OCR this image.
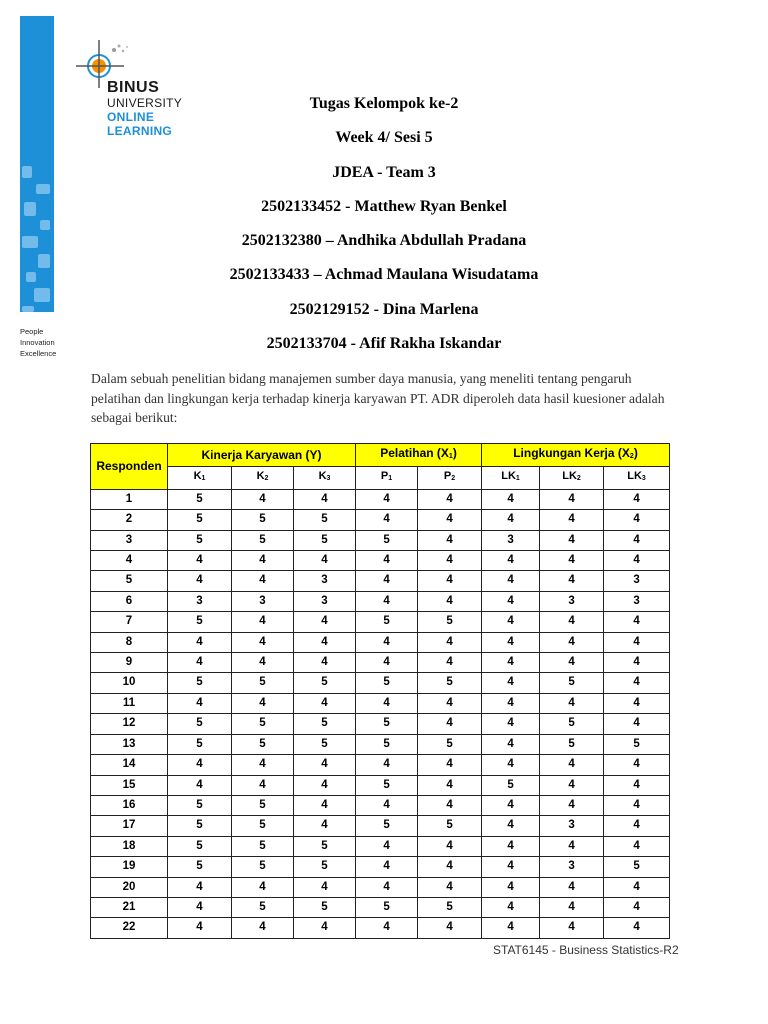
BINUS
UNIVERSITY
ONLINE
LEARNING
People
Innovation
Excellence
Tugas Kelompok ke-2
Week 4/ Sesi 5
JDEA - Team 3
2502133452 - Matthew Ryan Benkel
2502132380 – Andhika Abdullah Pradana
2502133433 – Achmad Maulana Wisudatama
2502129152 - Dina Marlena
2502133704 - Afif Rakha Iskandar
Dalam sebuah penelitian bidang manajemen sumber daya manusia, yang meneliti tentang pengaruh pelatihan dan lingkungan kerja terhadap kinerja karyawan PT. ADR diperoleh data hasil kuesioner adalah sebagai berikut:
Responden	Kinerja Karyawan (Y)			Pelatihan $(X_1)$		Lingkungan Kerja $(X_2)$		
	$K_1$	$K_2$	$K_3$	$P_1$	$P_2$	$LK_1$	$LK_2$	$LK_3$
1	5	4	4	4	4	4	4	4
2	5	5	5	4	4	4	4	4
3	5	5	5	5	4	3	4	4
4	4	4	4	4	4	4	4	4
5	4	4	3	4	4	4	4	3
6	3	3	3	4	4	4	3	3
7	5	4	4	5	5	4	4	4
8	4	4	4	4	4	4	4	4
9	4	4	4	4	4	4	4	4
10	5	5	5	5	5	4	5	4
11	4	4	4	4	4	4	4	4
12	5	5	5	5	4	4	5	4
13	5	5	5	5	5	4	5	5
14	4	4	4	4	4	4	4	4
15	4	4	4	5	4	5	4	4
16	5	5	4	4	4	4	4	4
17	5	5	4	5	5	4	3	4
18	5	5	5	4	4	4	4	4
19	5	5	5	4	4	4	3	5
20	4	4	4	4	4	4	4	4
21	4	5	5	5	5	4	4	4
22	4	4	4	4	4	4	4	4
STAT6145 - Business Statistics-R2
